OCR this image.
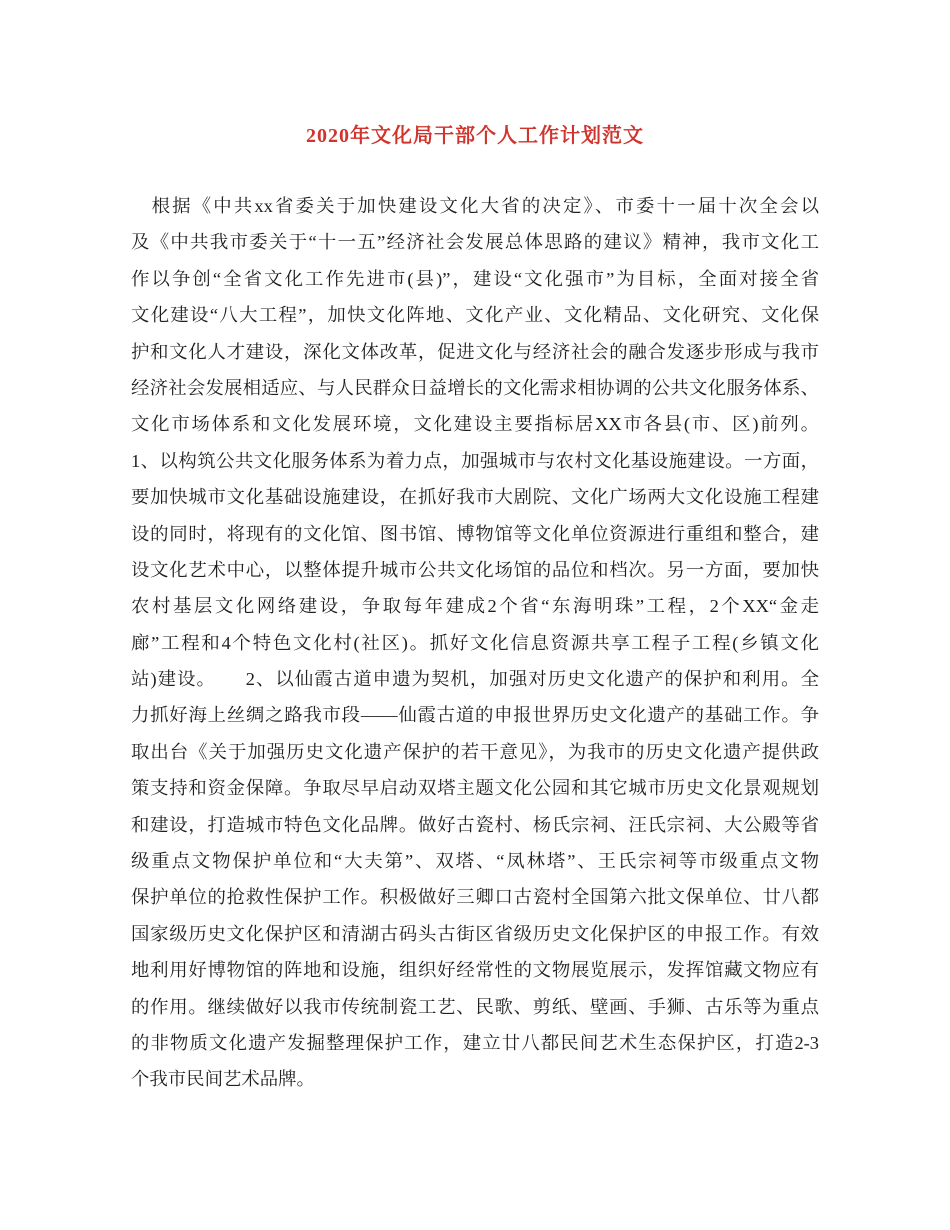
2020年文化局干部个人工作计划范文
　根据《中共xx省委关于加快建设文化大省的决定》、市委十一届十次全会以
及《中共我市委关于“十一五”经济社会发展总体思路的建议》精神，我市文化工
作以争创“全省文化工作先进市(县)”，建设“文化强市”为目标，全面对接全省
文化建设“八大工程”，加快文化阵地、文化产业、文化精品、文化研究、文化保
护和文化人才建设，深化文体改革，促进文化与经济社会的融合发逐步形成与我市
经济社会发展相适应、与人民群众日益增长的文化需求相协调的公共文化服务体系、
文化市场体系和文化发展环境，文化建设主要指标居XX市各县(市、区)前列。
1、以构筑公共文化服务体系为着力点，加强城市与农村文化基设施建设。一方面，
要加快城市文化基础设施建设，在抓好我市大剧院、文化广场两大文化设施工程建
设的同时，将现有的文化馆、图书馆、博物馆等文化单位资源进行重组和整合，建
设文化艺术中心，以整体提升城市公共文化场馆的品位和档次。另一方面，要加快
农村基层文化网络建设，争取每年建成2个省“东海明珠”工程，2个XX“金走
廊”工程和4个特色文化村(社区)。抓好文化信息资源共享工程子工程(乡镇文化
站)建设。　　2、以仙霞古道申遗为契机，加强对历史文化遗产的保护和利用。全
力抓好海上丝绸之路我市段——仙霞古道的申报世界历史文化遗产的基础工作。争
取出台《关于加强历史文化遗产保护的若干意见》，为我市的历史文化遗产提供政
策支持和资金保障。争取尽早启动双塔主题文化公园和其它城市历史文化景观规划
和建设，打造城市特色文化品牌。做好古瓷村、杨氏宗祠、汪氏宗祠、大公殿等省
级重点文物保护单位和“大夫第”、双塔、“凤林塔”、王氏宗祠等市级重点文物
保护单位的抢救性保护工作。积极做好三卿口古瓷村全国第六批文保单位、廿八都
国家级历史文化保护区和清湖古码头古街区省级历史文化保护区的申报工作。有效
地利用好博物馆的阵地和设施，组织好经常性的文物展览展示，发挥馆藏文物应有
的作用。继续做好以我市传统制瓷工艺、民歌、剪纸、壁画、手狮、古乐等为重点
的非物质文化遗产发掘整理保护工作，建立廿八都民间艺术生态保护区，打造2-3
个我市民间艺术品牌。
